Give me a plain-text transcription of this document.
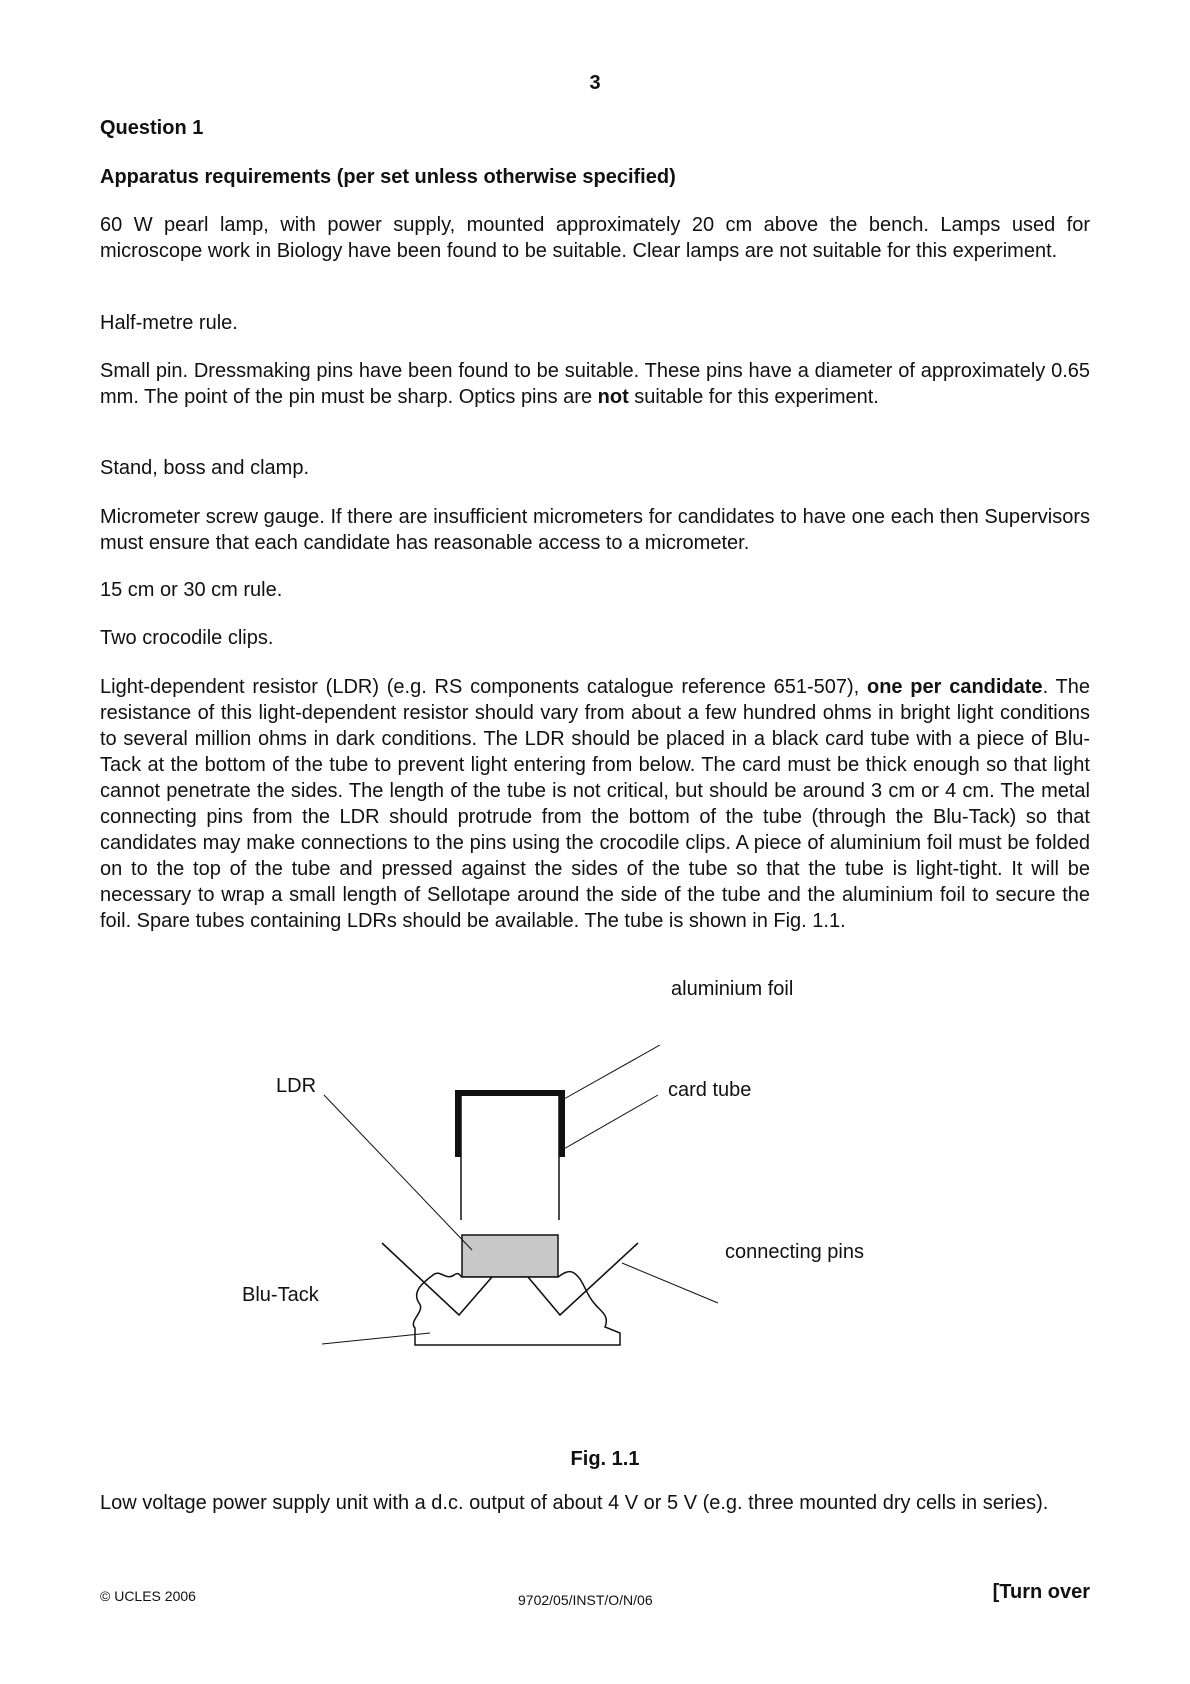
3
Question 1
Apparatus requirements (per set unless otherwise specified)

60 W pearl lamp, with power supply, mounted approximately 20 cm above the bench. Lamps used for microscope work in Biology have been found to be suitable. Clear lamps are not suitable for this experiment.

Half-metre rule.

Small pin. Dressmaking pins have been found to be suitable. These pins have a diameter of approximately 0.65 mm. The point of the pin must be sharp. Optics pins are not suitable for this experiment.

Stand, boss and clamp.

Micrometer screw gauge. If there are insufficient micrometers for candidates to have one each then Supervisors must ensure that each candidate has reasonable access to a micrometer.

15 cm or 30 cm rule.

Two crocodile clips.

Light-dependent resistor (LDR) (e.g. RS components catalogue reference 651-507), one per candidate. The resistance of this light-dependent resistor should vary from about a few hundred ohms in bright light conditions to several million ohms in dark conditions. The LDR should be placed in a black card tube with a piece of Blu-Tack at the bottom of the tube to prevent light entering from below. The card must be thick enough so that light cannot penetrate the sides. The length of the tube is not critical, but should be around 3 cm or 4 cm. The metal connecting pins from the LDR should protrude from the bottom of the tube (through the Blu-Tack) so that candidates may make connections to the pins using the crocodile clips. A piece of aluminium foil must be folded on to the top of the tube and pressed against the sides of the tube so that the tube is light-tight. It will be necessary to wrap a small length of Sellotape around the side of the tube and the aluminium foil to secure the foil. Spare tubes containing LDRs should be available. The tube is shown in Fig. 1.1.

aluminium foil
LDR	card tube
connecting pins
Blu-Tack
Fig. 1.1

Low voltage power supply unit with a d.c. output of about 4 V or 5 V (e.g. three mounted dry cells in series).

© UCLES 2006	9702/05/INST/O/N/06	[Turn over
